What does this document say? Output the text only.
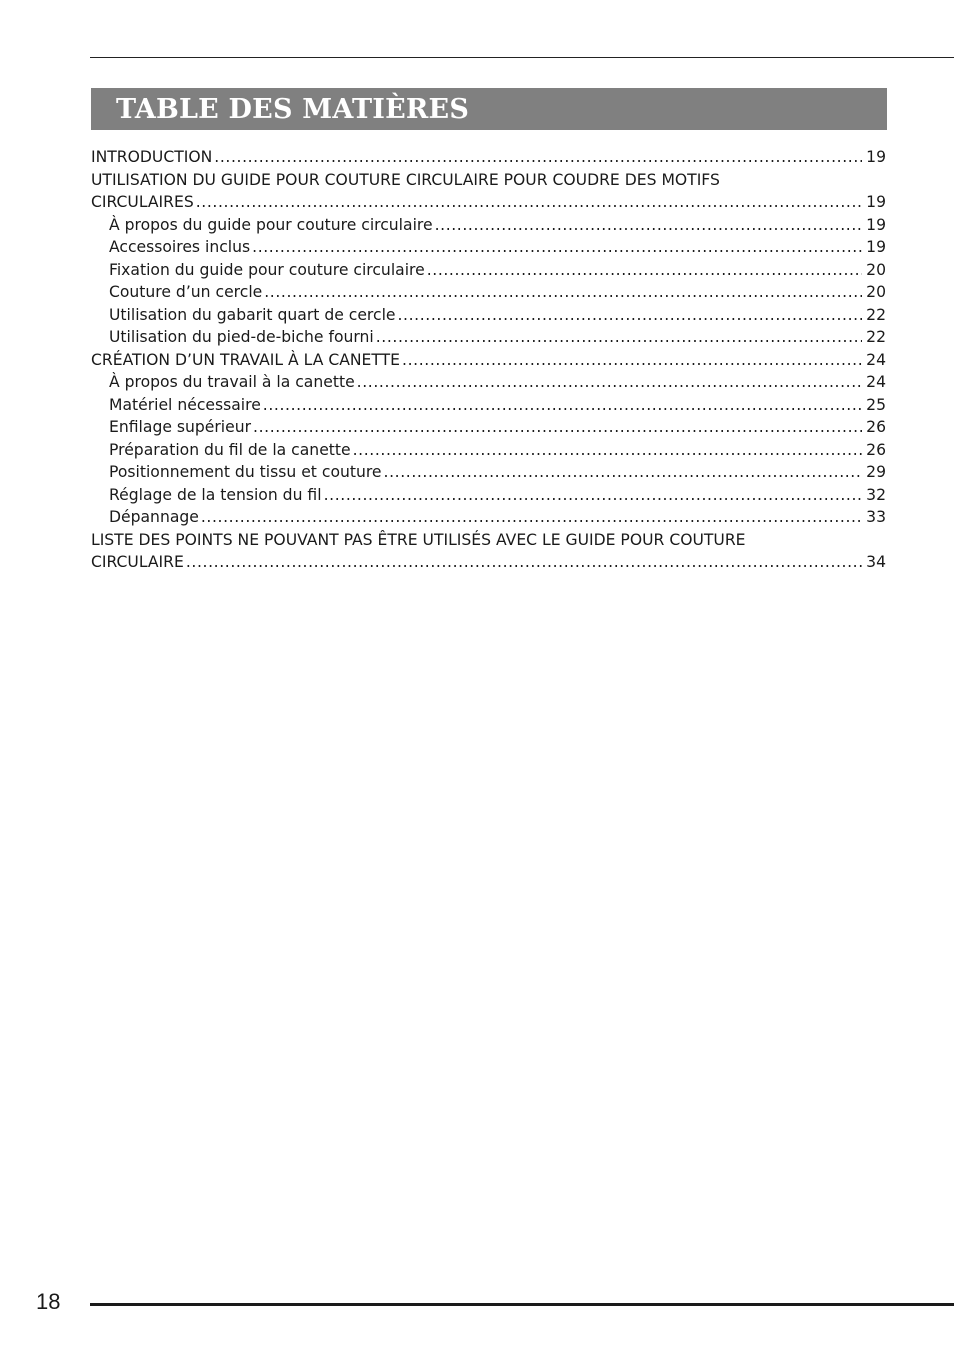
TABLE DES MATIÈRES
INTRODUCTION .....	19
UTILISATION DU GUIDE POUR COUTURE CIRCULAIRE POUR COUDRE DES MOTIFS
CIRCULAIRES .....	19
À propos du guide pour couture circulaire .....	19
Accessoires inclus .....	19
Fixation du guide pour couture circulaire .....	20
Couture d’un cercle .....	20
Utilisation du gabarit quart de cercle .....	22
Utilisation du pied-de-biche fourni .....	22
CRÉATION D’UN TRAVAIL À LA CANETTE .....	24
À propos du travail à la canette .....	24
Matériel nécessaire .....	25
Enfilage supérieur .....	26
Préparation du fil de la canette .....	26
Positionnement du tissu et couture .....	29
Réglage de la tension du fil .....	32
Dépannage .....	33
LISTE DES POINTS NE POUVANT PAS ÊTRE UTILISÉS AVEC LE GUIDE POUR COUTURE
CIRCULAIRE .....	34
18
